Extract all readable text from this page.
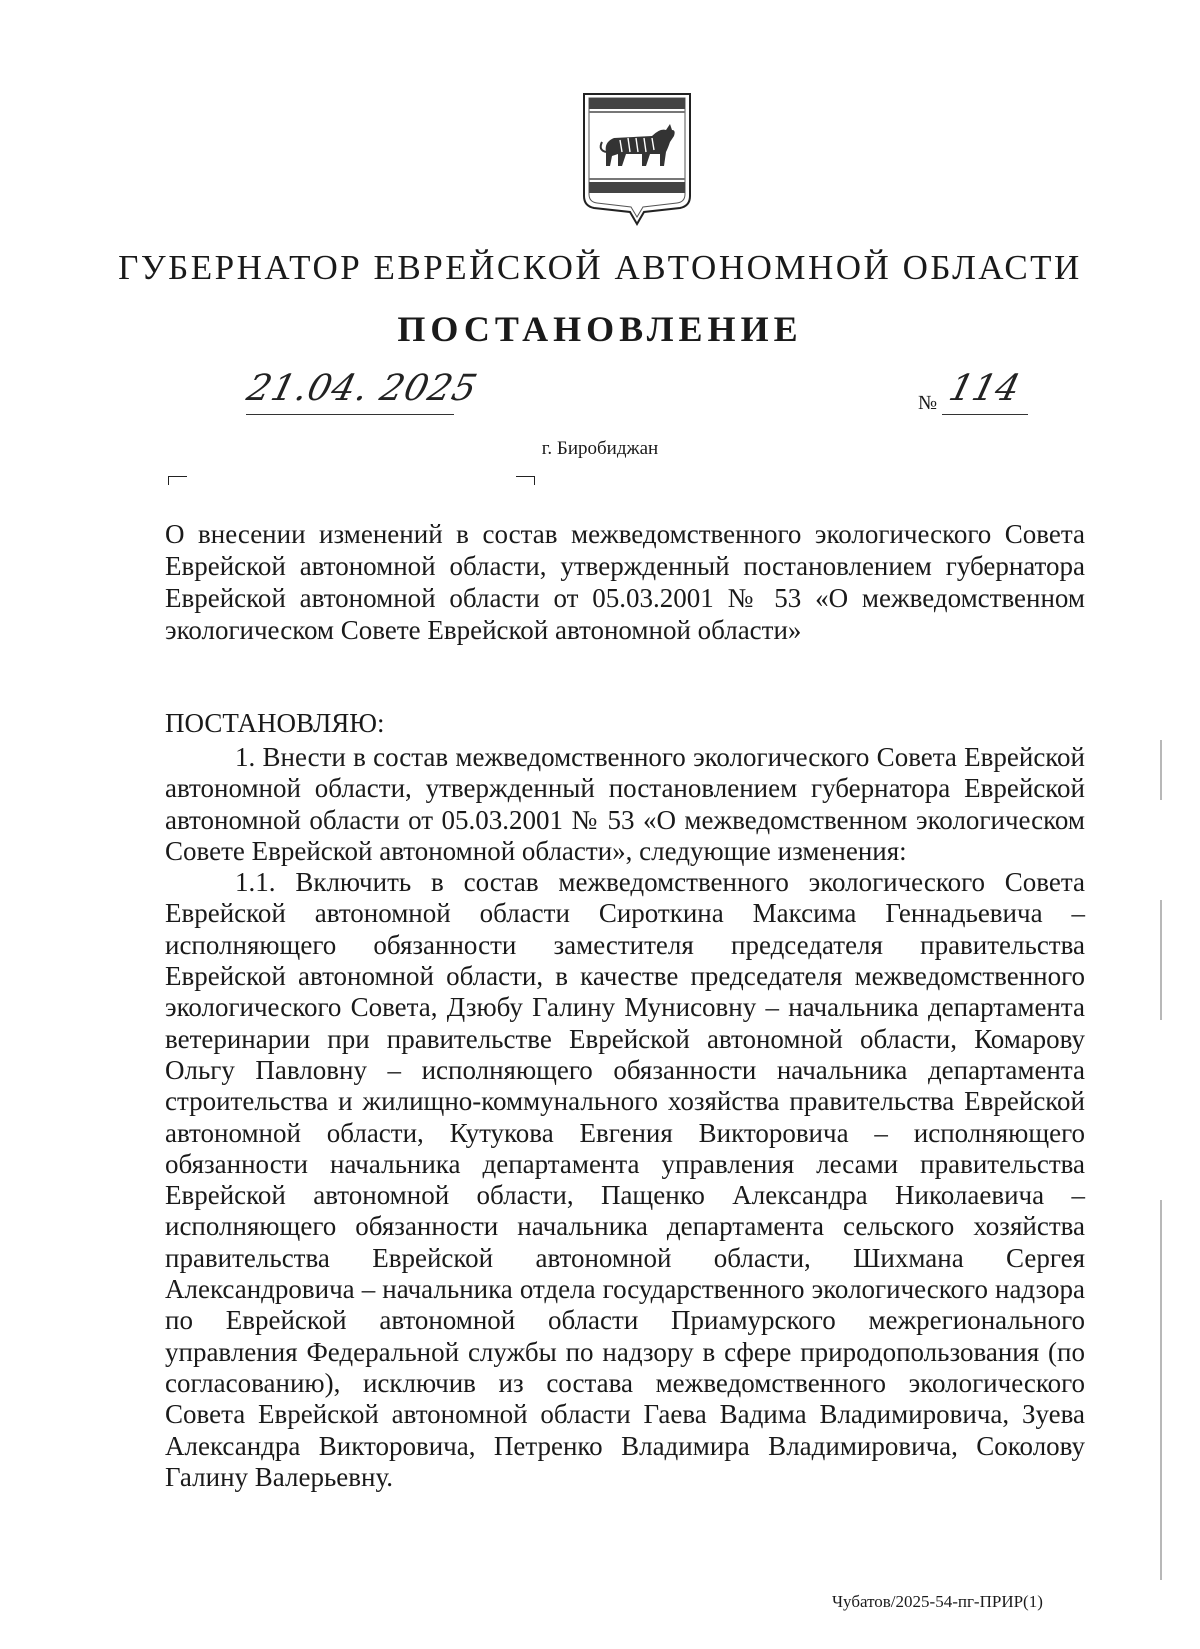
ГУБЕРНАТОР ЕВРЕЙСКОЙ АВТОНОМНОЙ ОБЛАСТИ
ПОСТАНОВЛЕНИЕ
21.04. 2025	№ 114
г. Биробиджан
О внесении изменений в состав межведомственного экологического Совета Еврейской автономной области, утвержденный постановлением губернатора Еврейской автономной области от 05.03.2001 № 53 «О межведомственном экологическом Совете Еврейской автономной области»
ПОСТАНОВЛЯЮ:

1. Внести в состав межведомственного экологического Совета Еврейской автономной области, утвержденный постановлением губернатора Еврейской автономной области от 05.03.2001 № 53 «О межведомственном экологическом Совете Еврейской автономной области», следующие изменения:

1.1. Включить в состав межведомственного экологического Совета Еврейской автономной области Сироткина Максима Геннадьевича – исполняющего обязанности заместителя председателя правительства Еврейской автономной области, в качестве председателя межведомственного экологического Совета, Дзюбу Галину Мунисовну – начальника департамента ветеринарии при правительстве Еврейской автономной области, Комарову Ольгу Павловну – исполняющего обязанности начальника департамента строительства и жилищно-коммунального хозяйства правительства Еврейской автономной области, Кутукова Евгения Викторовича – исполняющего обязанности начальника департамента управления лесами правительства Еврейской автономной области, Пащенко Александра Николаевича – исполняющего обязанности начальника департамента сельского хозяйства правительства Еврейской автономной области, Шихмана Сергея Александровича – начальника отдела государственного экологического надзора по Еврейской автономной области Приамурского межрегионального управления Федеральной службы по надзору в сфере природопользования (по согласованию), исключив из состава межведомственного экологического Совета Еврейской автономной области Гаева Вадима Владимировича, Зуева Александра Викторовича, Петренко Владимира Владимировича, Соколову Галину Валерьевну.

Чубатов/2025-54-пг-ПРИР(1)
